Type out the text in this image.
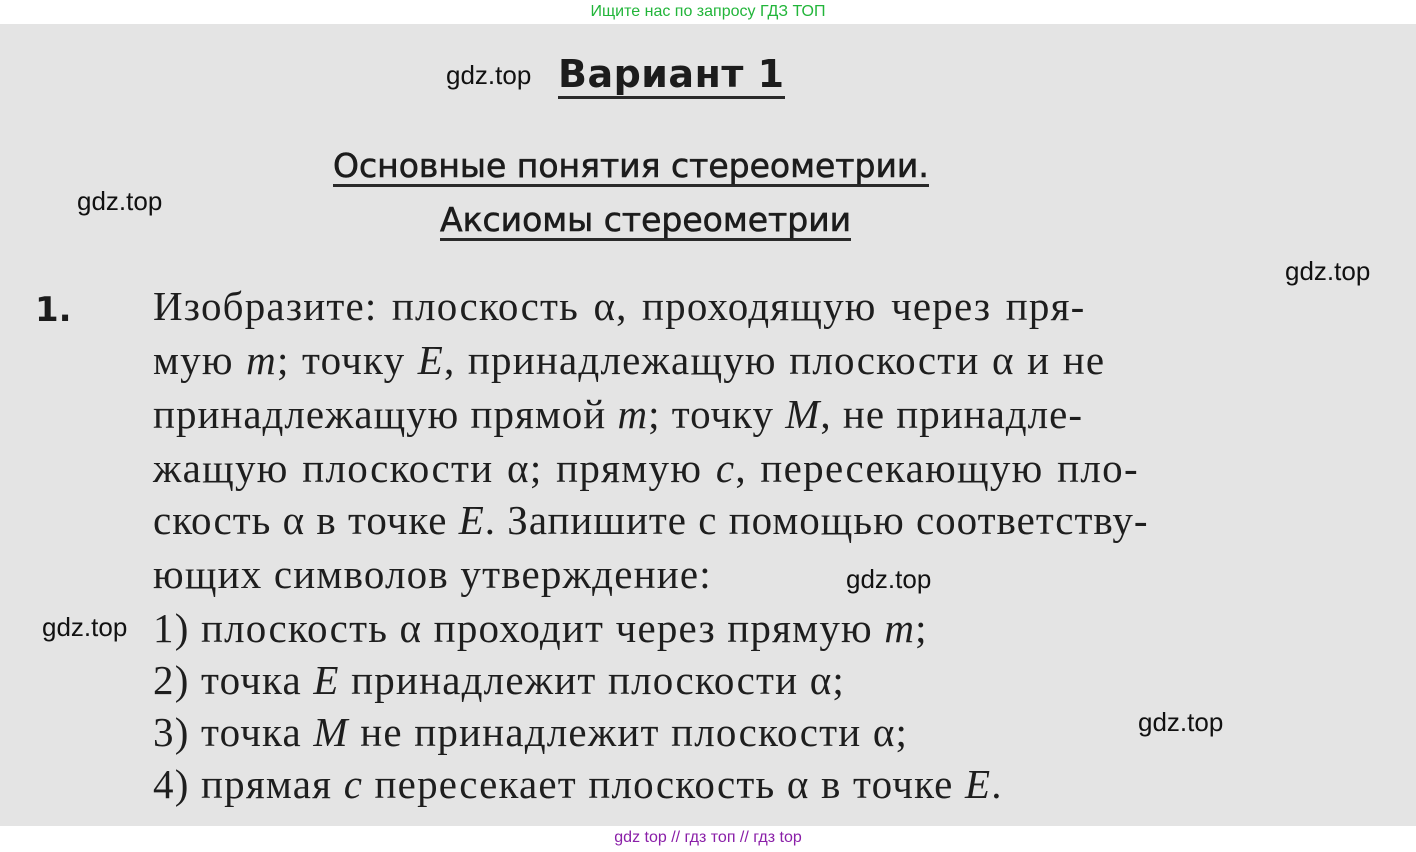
Ищите нас по запросу ГДЗ ТОП
Вариант 1
Основные понятия стереометрии.
Аксиомы стереометрии
1. Изобразите: плоскость α, проходящую через пря-
мую m; точку E, принадлежащую плоскости α и не
принадлежащую прямой m; точку M, не принадле-
жащую плоскости α; прямую c, пересекающую пло-
скость α в точке E. Запишите с помощью соответству-
ющих символов утверждение:
1) плоскость α проходит через прямую m;
2) точка E принадлежит плоскости α;
3) точка M не принадлежит плоскости α;
4) прямая c пересекает плоскость α в точке E.
gdz.top
gdz.top
gdz.top
gdz.top
gdz.top
gdz.top
gdz top // гдз топ // гдз top
